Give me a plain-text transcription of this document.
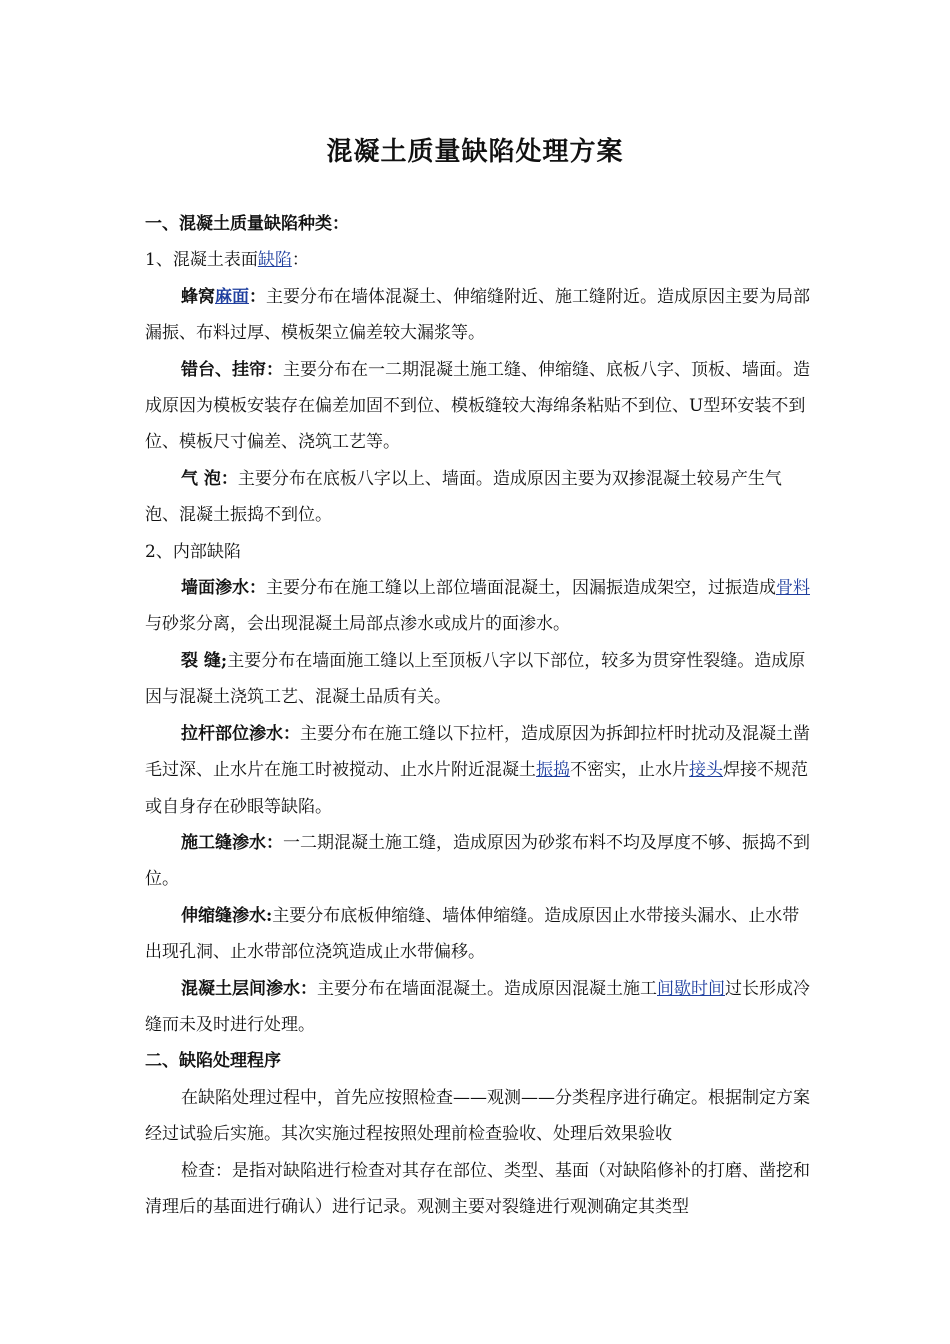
混凝土质量缺陷处理方案

一、混凝土质量缺陷种类：

1、混凝土表面缺陷：

蜂窝麻面：主要分布在墙体混凝土、伸缩缝附近、施工缝附近。造成原因主要为局部漏振、布料过厚、模板架立偏差较大漏浆等。

错台、挂帘：主要分布在一二期混凝土施工缝、伸缩缝、底板八字、顶板、墙面。造成原因为模板安装存在偏差加固不到位、模板缝较大海绵条粘贴不到位、U型环安装不到位、模板尺寸偏差、浇筑工艺等。

气 泡：主要分布在底板八字以上、墙面。造成原因主要为双掺混凝土较易产生气泡、混凝土振捣不到位。

2、内部缺陷

墙面渗水：主要分布在施工缝以上部位墙面混凝土，因漏振造成架空，过振造成骨料与砂浆分离，会出现混凝土局部点渗水或成片的面渗水。

裂 缝;主要分布在墙面施工缝以上至顶板八字以下部位，较多为贯穿性裂缝。造成原因与混凝土浇筑工艺、混凝土品质有关。

拉杆部位渗水：主要分布在施工缝以下拉杆，造成原因为拆卸拉杆时扰动及混凝土凿毛过深、止水片在施工时被搅动、止水片附近混凝土振捣不密实，止水片接头焊接不规范或自身存在砂眼等缺陷。

施工缝渗水：一二期混凝土施工缝，造成原因为砂浆布料不均及厚度不够、振捣不到位。

伸缩缝渗水:主要分布底板伸缩缝、墙体伸缩缝。造成原因止水带接头漏水、止水带出现孔洞、止水带部位浇筑造成止水带偏移。

混凝土层间渗水：主要分布在墙面混凝土。造成原因混凝土施工间歇时间过长形成冷缝而未及时进行处理。

二、缺陷处理程序

在缺陷处理过程中，首先应按照检查——观测——分类程序进行确定。根据制定方案经过试验后实施。其次实施过程按照处理前检查验收、处理后效果验收

检查：是指对缺陷进行检查对其存在部位、类型、基面（对缺陷修补的打磨、凿挖和清理后的基面进行确认）进行记录。观测主要对裂缝进行观测确定其类型
